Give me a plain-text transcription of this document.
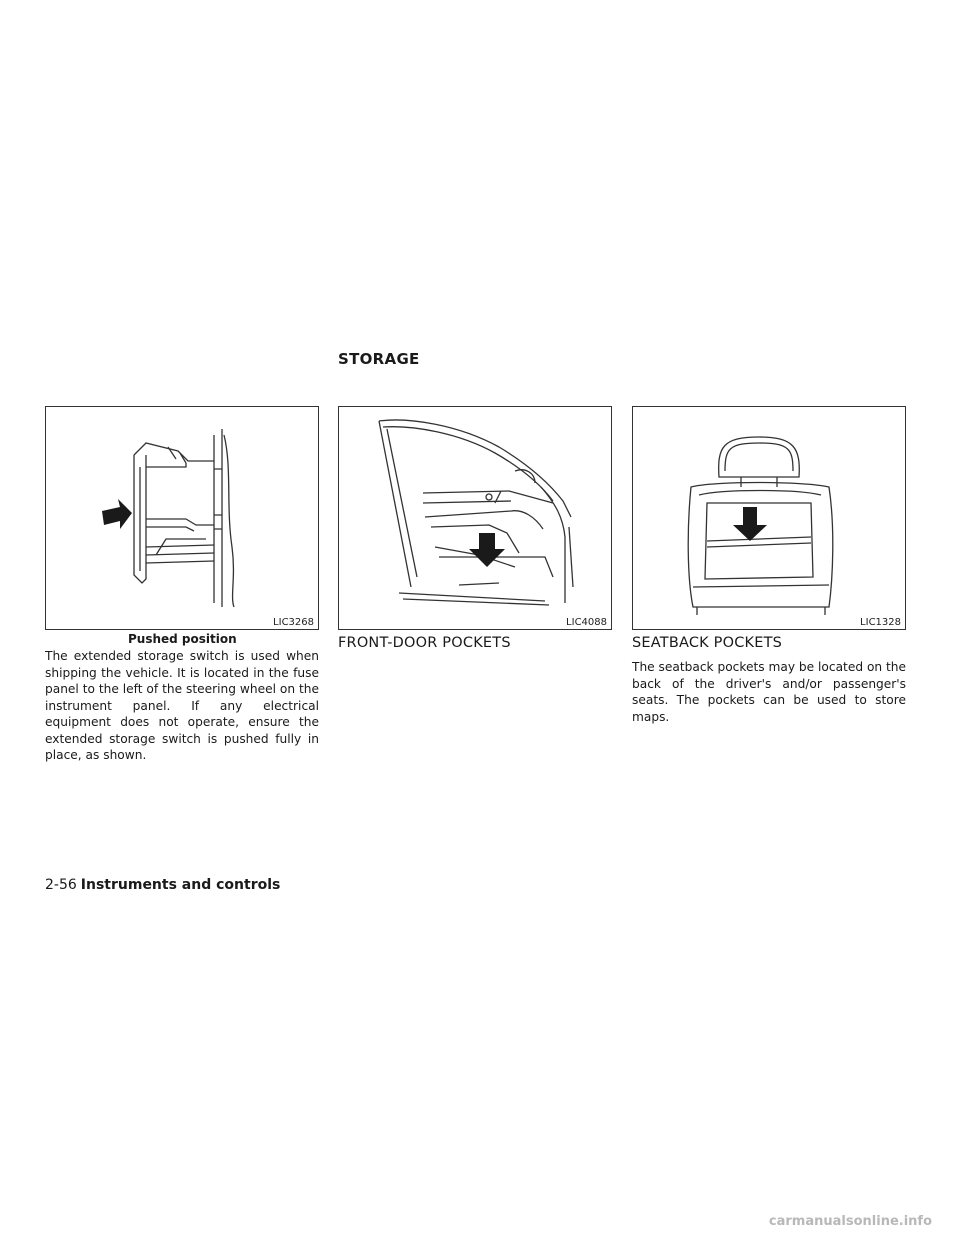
STORAGE
LIC3268	LIC4088	LIC1328
Pushed position
The extended storage switch is used when shipping the vehicle. It is located in the fuse panel to the left of the steering wheel on the instrument panel. If any electrical equipment does not operate, ensure the extended storage switch is pushed fully in place, as shown.
FRONT-DOOR POCKETS	SEATBACK POCKETS
The seatback pockets may be located on the back of the driver's and/or passenger's seats. The pockets can be used to store maps.
2-56 Instruments and controls
carmanualsonline.info
